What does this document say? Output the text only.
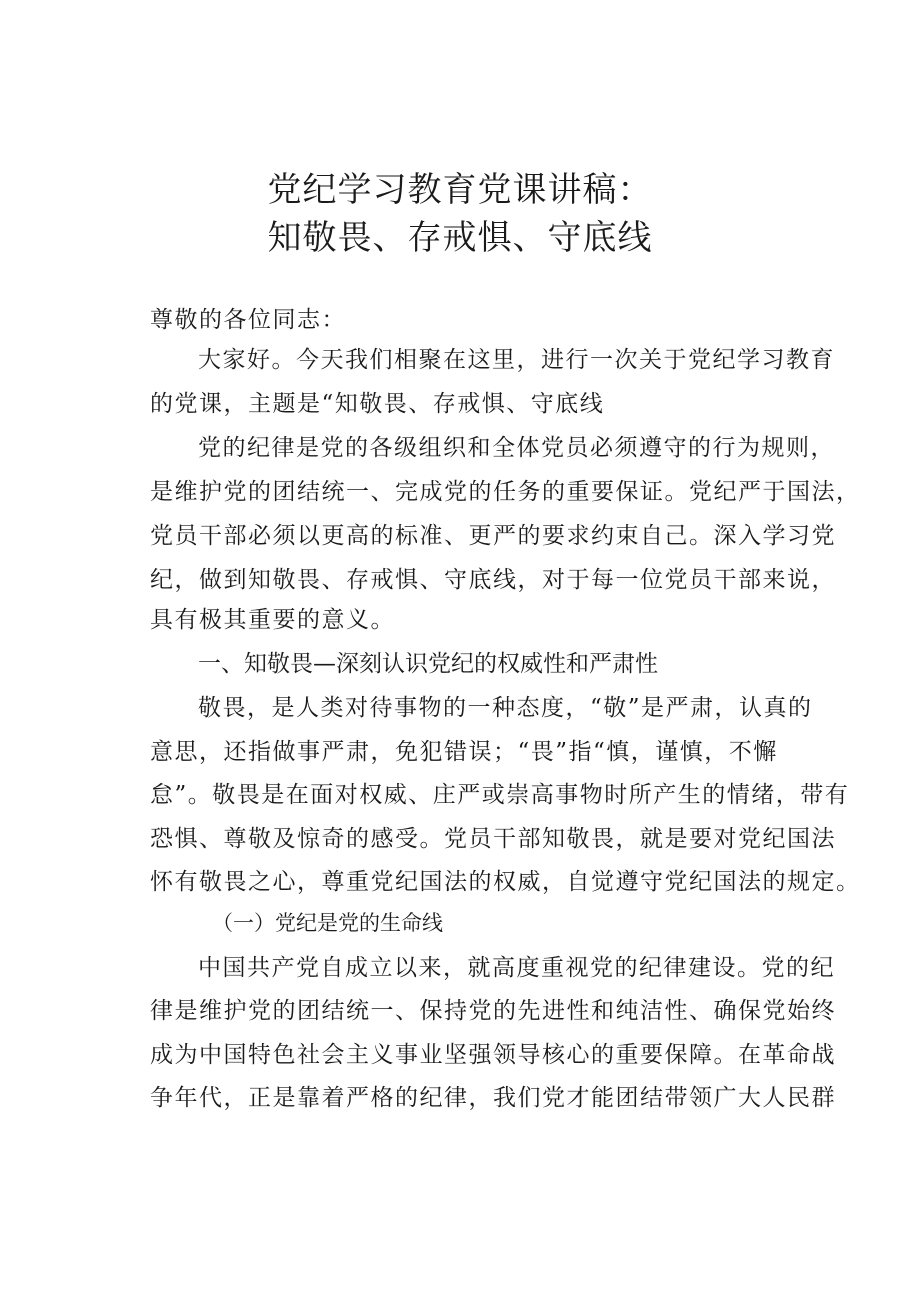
党纪学习教育党课讲稿：
知敬畏、存戒惧、守底线
尊敬的各位同志：
大家好。今天我们相聚在这里，进行一次关于党纪学习教育
的党课，主题是“知敬畏、存戒惧、守底线
党的纪律是党的各级组织和全体党员必须遵守的行为规则，
是维护党的团结统一、完成党的任务的重要保证。党纪严于国法，
党员干部必须以更高的标准、更严的要求约束自己。深入学习党
纪，做到知敬畏、存戒惧、守底线，对于每一位党员干部来说，
具有极其重要的意义。
一、知敬畏—深刻认识党纪的权威性和严肃性
敬畏，是人类对待事物的一种态度，“敬”是严肃，认真的
意思，还指做事严肃，免犯错误；“畏”指“慎，谨慎，不懈
怠”。敬畏是在面对权威、庄严或崇高事物时所产生的情绪，带有
恐惧、尊敬及惊奇的感受。党员干部知敬畏，就是要对党纪国法
怀有敬畏之心，尊重党纪国法的权威，自觉遵守党纪国法的规定。
（一）党纪是党的生命线
中国共产党自成立以来，就高度重视党的纪律建设。党的纪
律是维护党的团结统一、保持党的先进性和纯洁性、确保党始终
成为中国特色社会主义事业坚强领导核心的重要保障。在革命战
争年代，正是靠着严格的纪律，我们党才能团结带领广大人民群
